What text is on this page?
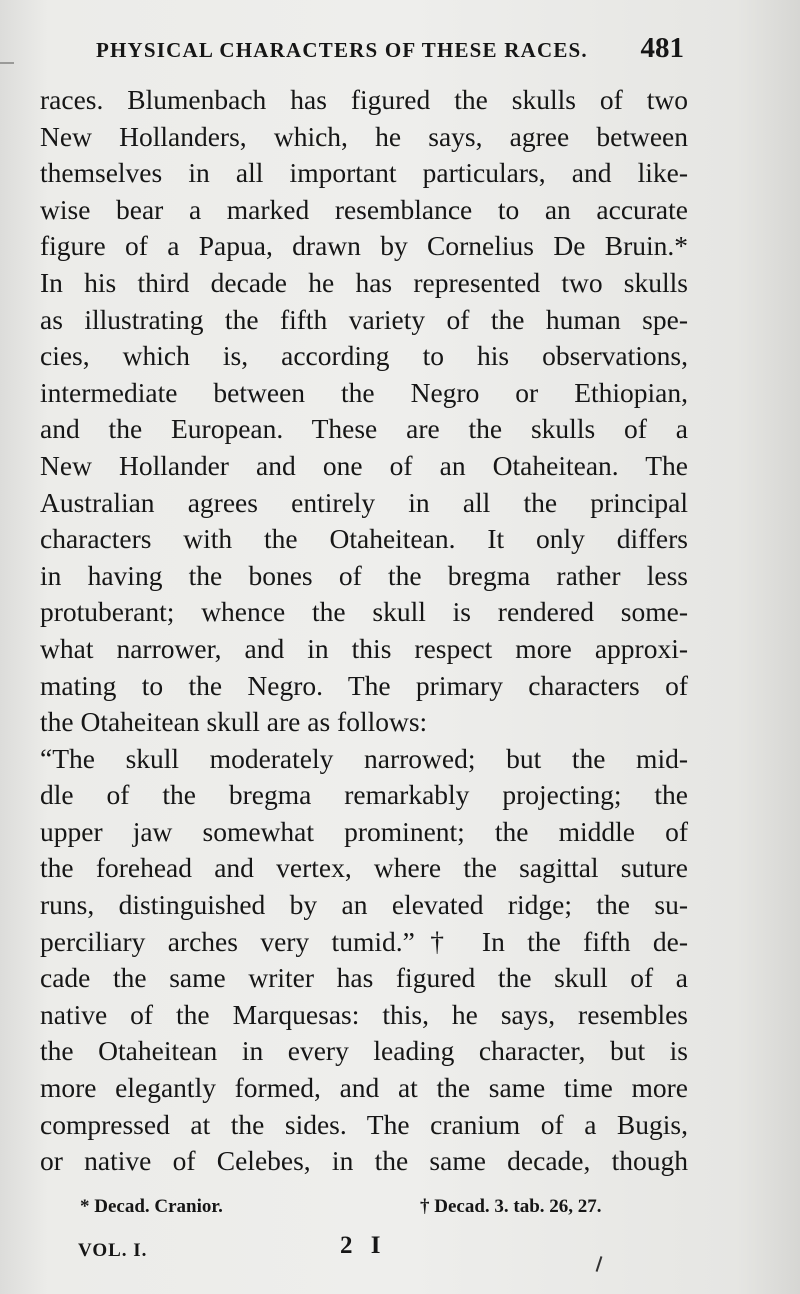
PHYSICAL CHARACTERS OF THESE RACES. 481
races. Blumenbach has figured the skulls of two
New Hollanders, which, he says, agree between
themselves in all important particulars, and like-
wise bear a marked resemblance to an accurate
figure of a Papua, drawn by Cornelius De Bruin.*
In his third decade he has represented two skulls
as illustrating the fifth variety of the human spe-
cies, which is, according to his observations,
intermediate between the Negro or Ethiopian,
and the European. These are the skulls of a
New Hollander and one of an Otaheitean. The
Australian agrees entirely in all the principal
characters with the Otaheitean. It only differs
in having the bones of the bregma rather less
protuberant; whence the skull is rendered some-
what narrower, and in this respect more approxi-
mating to the Negro. The primary characters of
the Otaheitean skull are as follows:
“The skull moderately narrowed; but the mid-
dle of the bregma remarkably projecting; the
upper jaw somewhat prominent; the middle of
the forehead and vertex, where the sagittal suture
runs, distinguished by an elevated ridge; the su-
perciliary arches very tumid.”† In the fifth de-
cade the same writer has figured the skull of a
native of the Marquesas: this, he says, resembles
the Otaheitean in every leading character, but is
more elegantly formed, and at the same time more
compressed at the sides. The cranium of a Bugis,
or native of Celebes, in the same decade, though
* Decad. Cranior.	† Decad. 3. tab. 26, 27.
VOL. I.	2 I
